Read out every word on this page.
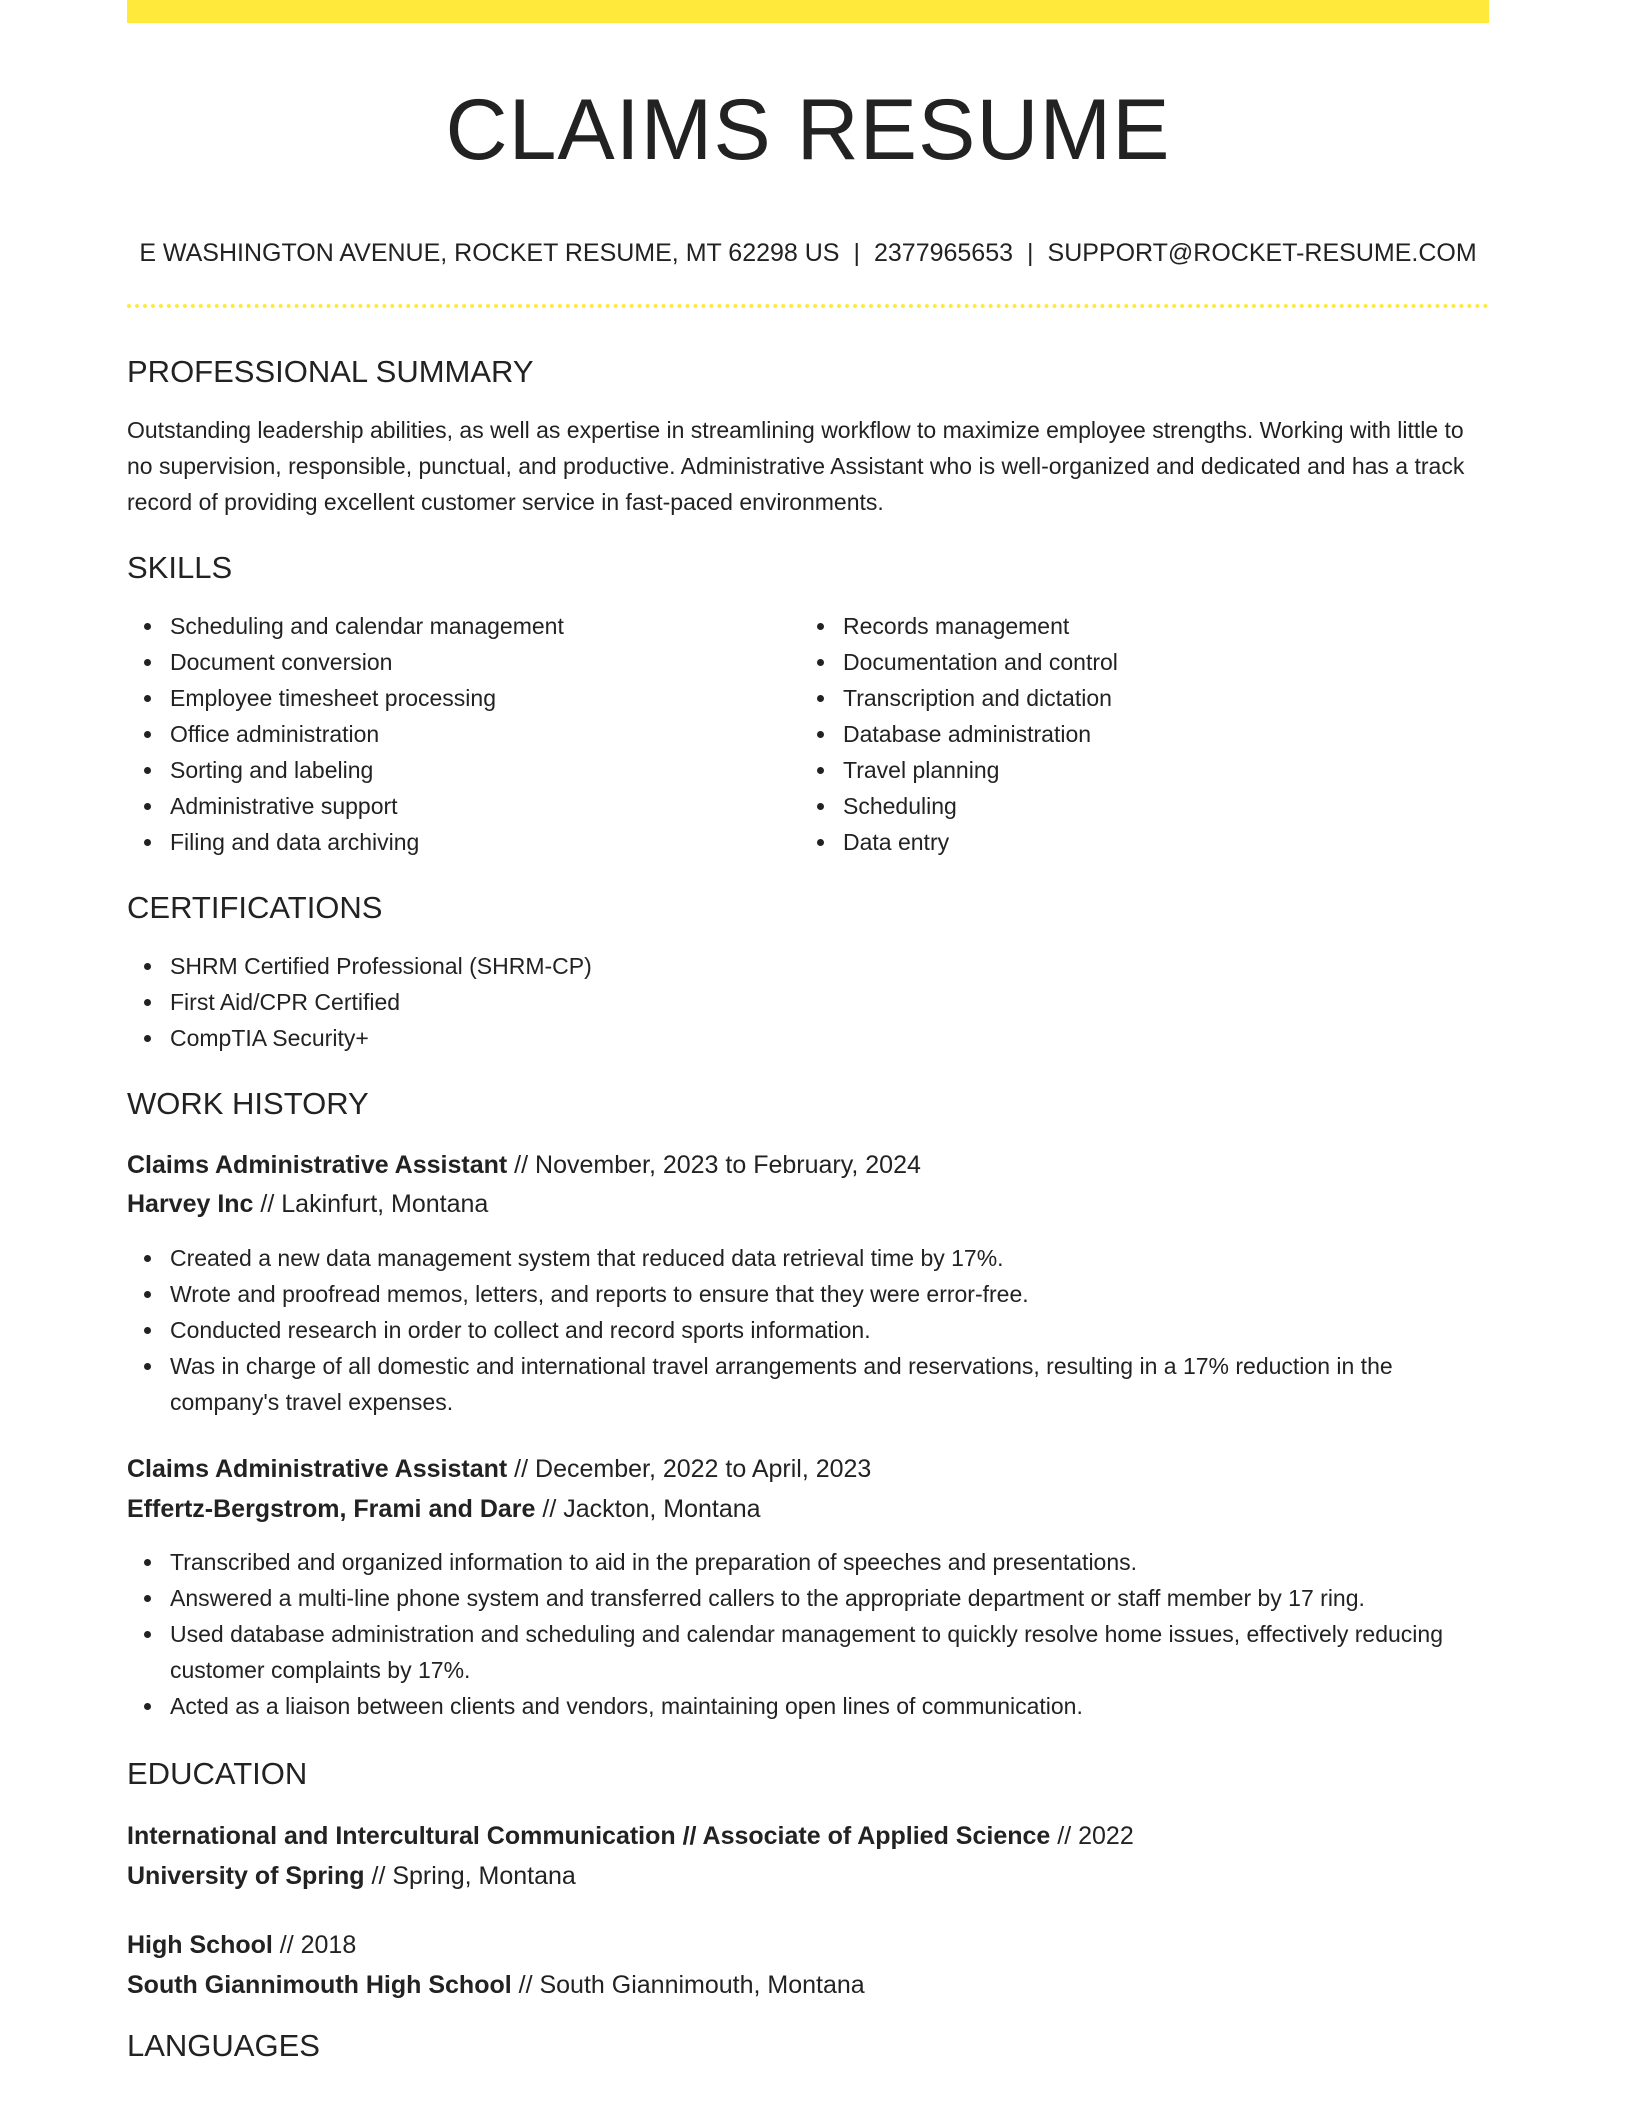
CLAIMS RESUME
E WASHINGTON AVENUE, ROCKET RESUME, MT 62298 US | 2377965653 | SUPPORT@ROCKET-RESUME.COM
PROFESSIONAL SUMMARY
Outstanding leadership abilities, as well as expertise in streamlining workflow to maximize employee strengths. Working with little to no supervision, responsible, punctual, and productive. Administrative Assistant who is well-organized and dedicated and has a track record of providing excellent customer service in fast-paced environments.
SKILLS
Scheduling and calendar management
Document conversion
Employee timesheet processing
Office administration
Sorting and labeling
Administrative support
Filing and data archiving
Records management
Documentation and control
Transcription and dictation
Database administration
Travel planning
Scheduling
Data entry
CERTIFICATIONS
SHRM Certified Professional (SHRM-CP)
First Aid/CPR Certified
CompTIA Security+
WORK HISTORY
Claims Administrative Assistant // November, 2023 to February, 2024
Harvey Inc // Lakinfurt, Montana
Created a new data management system that reduced data retrieval time by 17%.
Wrote and proofread memos, letters, and reports to ensure that they were error-free.
Conducted research in order to collect and record sports information.
Was in charge of all domestic and international travel arrangements and reservations, resulting in a 17% reduction in the company's travel expenses.
Claims Administrative Assistant // December, 2022 to April, 2023
Effertz-Bergstrom, Frami and Dare // Jackton, Montana
Transcribed and organized information to aid in the preparation of speeches and presentations.
Answered a multi-line phone system and transferred callers to the appropriate department or staff member by 17 ring.
Used database administration and scheduling and calendar management to quickly resolve home issues, effectively reducing customer complaints by 17%.
Acted as a liaison between clients and vendors, maintaining open lines of communication.
EDUCATION
International and Intercultural Communication // Associate of Applied Science // 2022
University of Spring // Spring, Montana
High School // 2018
South Giannimouth High School // South Giannimouth, Montana
LANGUAGES
